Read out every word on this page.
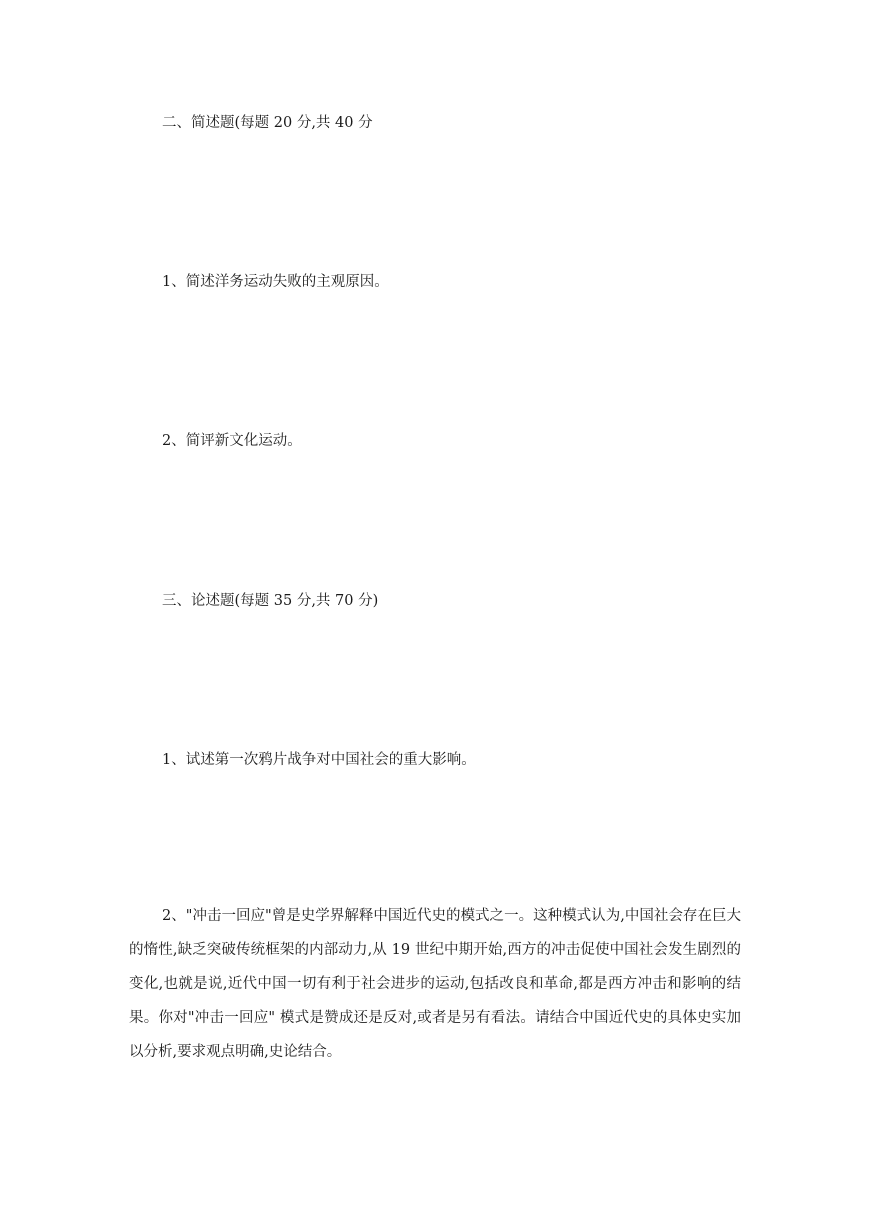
二、简述题(每题 20 分,共 40 分
1、简述洋务运动失败的主观原因。
2、简评新文化运动。
三、论述题(每题 35 分,共 70 分)
1、试述第一次鸦片战争对中国社会的重大影响。
2、"冲击一回应"曾是史学界解释中国近代史的模式之一。这种模式认为,中国社会存在巨大的惰性,缺乏突破传统框架的内部动力,从 19 世纪中期开始,西方的冲击促使中国社会发生剧烈的变化,也就是说,近代中国一切有利于社会进步的运动,包括改良和革命,都是西方冲击和影响的结果。你对"冲击一回应" 模式是赞成还是反对,或者是另有看法。请结合中国近代史的具体史实加以分析,要求观点明确,史论结合。
